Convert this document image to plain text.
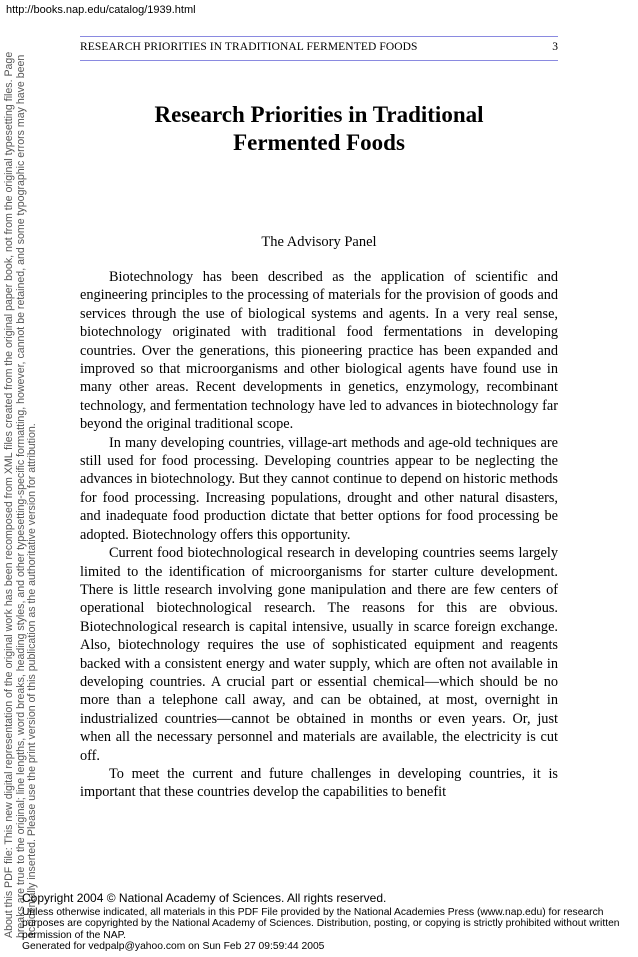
http://books.nap.edu/catalog/1939.html
About this PDF file: This new digital representation of the original work has been recomposed from XML files created from the original paper book, not from the original typesetting files. Page breaks are true to the original; line lengths, word breaks, heading styles, and other typesetting-specific formatting, however, cannot be retained, and some typographic errors may have been accidentally inserted. Please use the print version of this publication as the authoritative version for attribution.
RESEARCH PRIORITIES IN TRADITIONAL FERMENTED FOODS	3
Research Priorities in Traditional
Fermented Foods
The Advisory Panel

Biotechnology has been described as the application of scientific and engineering principles to the processing of materials for the provision of goods and services through the use of biological systems and agents. In a very real sense, biotechnology originated with traditional food fermentations in developing countries. Over the generations, this pioneering practice has been expanded and improved so that microorganisms and other biological agents have found use in many other areas. Recent developments in genetics, enzymology, recombinant technology, and fermentation technology have led to advances in biotechnology far beyond the original traditional scope.

In many developing countries, village-art methods and age-old techniques are still used for food processing. Developing countries appear to be neglecting the advances in biotechnology. But they cannot continue to depend on historic methods for food processing. Increasing populations, drought and other natural disasters, and inadequate food production dictate that better options for food processing be adopted. Biotechnology offers this opportunity.

Current food biotechnological research in developing countries seems largely limited to the identification of microorganisms for starter culture development. There is little research involving gone manipulation and there are few centers of operational biotechnological research. The reasons for this are obvious. Biotechnological research is capital intensive, usually in scarce foreign exchange. Also, biotechnology requires the use of sophisticated equipment and reagents backed with a consistent energy and water supply, which are often not available in developing countries. A crucial part or essential chemical—which should be no more than a telephone call away, and can be obtained, at most, overnight in industrialized countries—cannot be obtained in months or even years. Or, just when all the necessary personnel and materials are available, the electricity is cut off.

To meet the current and future challenges in developing countries, it is important that these countries develop the capabilities to benefit

Copyright 2004 © National Academy of Sciences. All rights reserved.
Unless otherwise indicated, all materials in this PDF File provided by the National Academies Press (www.nap.edu) for research purposes are copyrighted by the National Academy of Sciences. Distribution, posting, or copying is strictly prohibited without written permission of the NAP.
Generated for vedpalp@yahoo.com on Sun Feb 27 09:59:44 2005
